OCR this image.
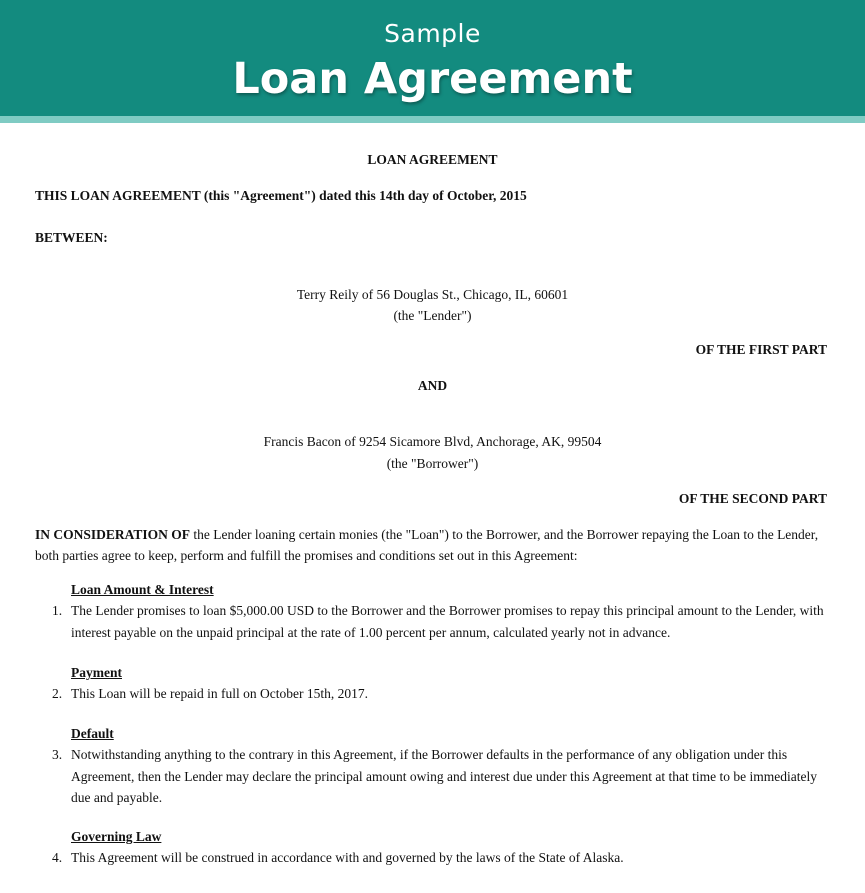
Sample
Loan Agreement
LOAN AGREEMENT
THIS LOAN AGREEMENT (this "Agreement") dated this 14th day of October, 2015
BETWEEN:
Terry Reily of 56 Douglas St., Chicago, IL, 60601
(the "Lender")
OF THE FIRST PART
AND
Francis Bacon of 9254 Sicamore Blvd, Anchorage, AK, 99504
(the "Borrower")
OF THE SECOND PART
IN CONSIDERATION OF the Lender loaning certain monies (the "Loan") to the Borrower, and the Borrower repaying the Loan to the Lender, both parties agree to keep, perform and fulfill the promises and conditions set out in this Agreement:
Loan Amount & Interest
1. The Lender promises to loan $5,000.00 USD to the Borrower and the Borrower promises to repay this principal amount to the Lender, with interest payable on the unpaid principal at the rate of 1.00 percent per annum, calculated yearly not in advance.
Payment
2. This Loan will be repaid in full on October 15th, 2017.
Default
3. Notwithstanding anything to the contrary in this Agreement, if the Borrower defaults in the performance of any obligation under this Agreement, then the Lender may declare the principal amount owing and interest due under this Agreement at that time to be immediately due and payable.
Governing Law
4. This Agreement will be construed in accordance with and governed by the laws of the State of Alaska.
